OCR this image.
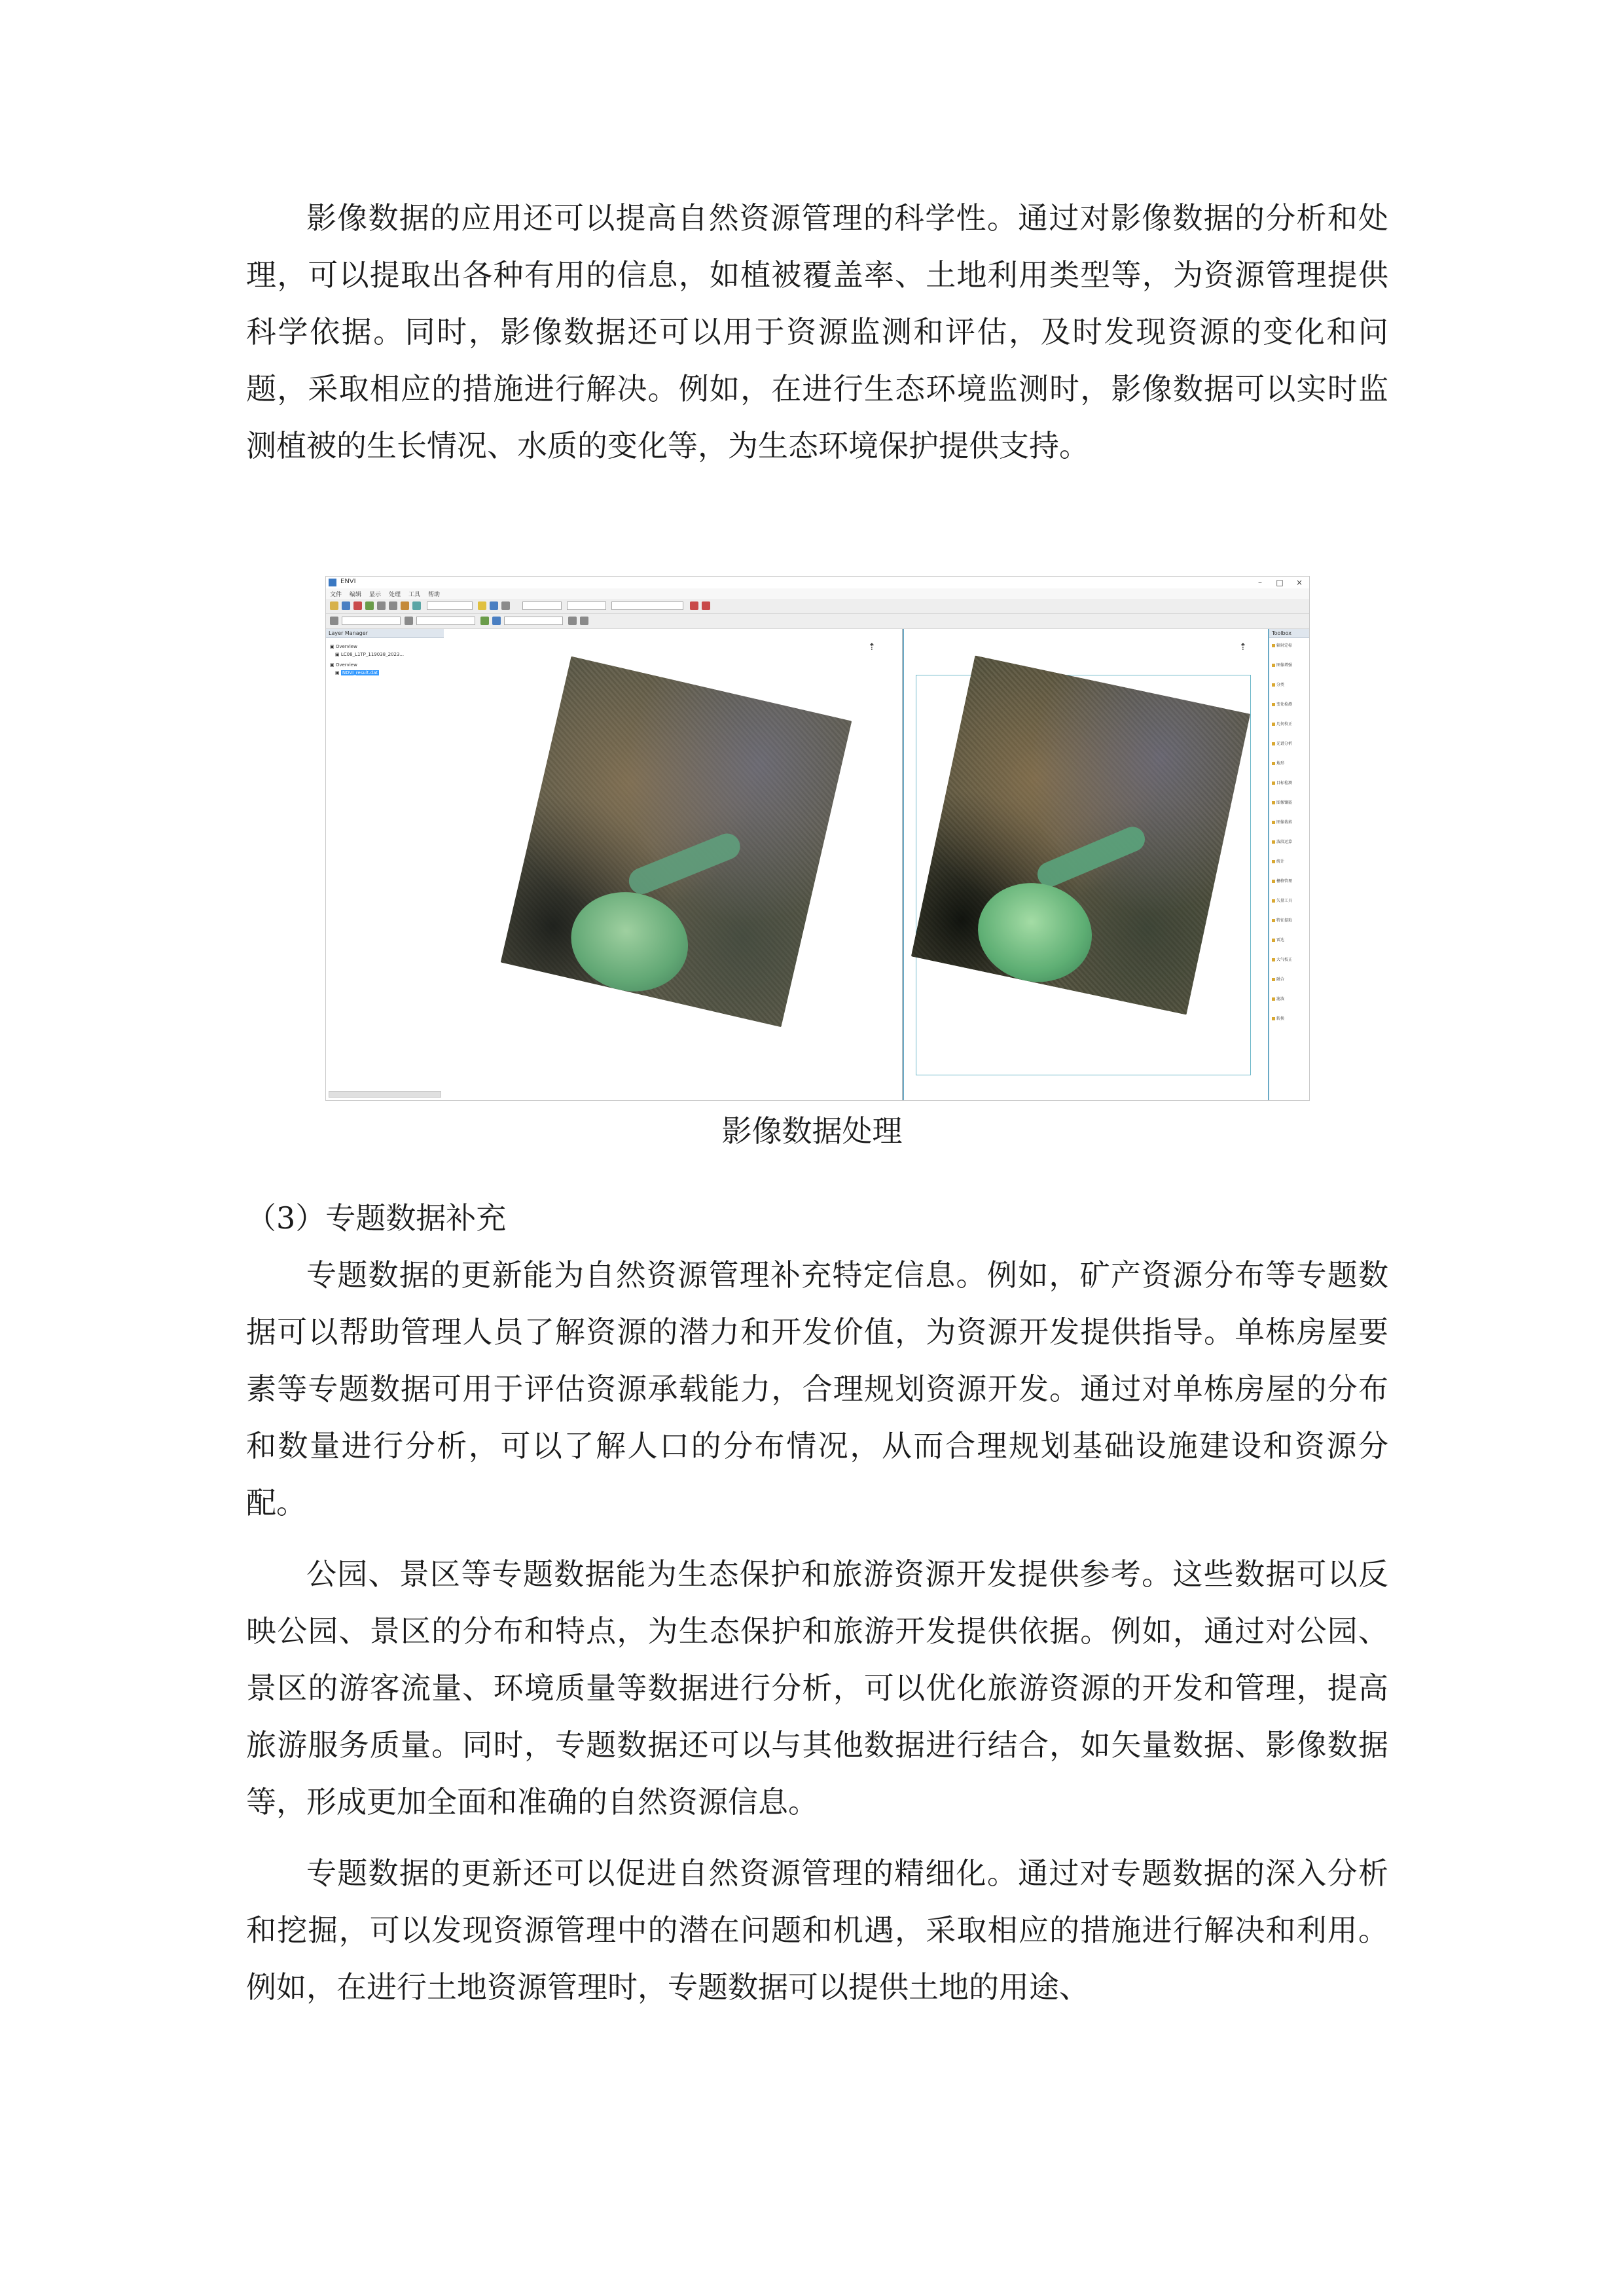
影像数据的应用还可以提高自然资源管理的科学性。通过对影像数据的分析和处理，可以提取出各种有用的信息，如植被覆盖率、土地利用类型等，为资源管理提供科学依据。同时，影像数据还可以用于资源监测和评估，及时发现资源的变化和问题，采取相应的措施进行解决。例如，在进行生态环境监测时，影像数据可以实时监测植被的生长情况、水质的变化等，为生态环境保护提供支持。

ENVI	–	□	×
文件 编辑 显示 处理 工具 帮助
Layer Manager
▣ Overview
▣ LC08_L1TP_119038_2023...
▣ Overview
▣ NDVI_result.dat
⇡	⇡
Toolbox
辐射定标
图像增强
分类
变化检测
几何校正
光谱分析
地形
目标检测
图像镶嵌
图像裁剪
波段运算
统计
栅格管理
矢量工具
特征提取
雷达
大气校正
融合
滤波
转换
影像数据处理
（3）专题数据补充

专题数据的更新能为自然资源管理补充特定信息。例如，矿产资源分布等专题数据可以帮助管理人员了解资源的潜力和开发价值，为资源开发提供指导。单栋房屋要素等专题数据可用于评估资源承载能力，合理规划资源开发。通过对单栋房屋的分布和数量进行分析，可以了解人口的分布情况，从而合理规划基础设施建设和资源分配。

公园、景区等专题数据能为生态保护和旅游资源开发提供参考。这些数据可以反映公园、景区的分布和特点，为生态保护和旅游开发提供依据。例如，通过对公园、景区的游客流量、环境质量等数据进行分析，可以优化旅游资源的开发和管理，提高旅游服务质量。同时，专题数据还可以与其他数据进行结合，如矢量数据、影像数据等，形成更加全面和准确的自然资源信息。

专题数据的更新还可以促进自然资源管理的精细化。通过对专题数据的深入分析和挖掘，可以发现资源管理中的潜在问题和机遇，采取相应的措施进行解决和利用。例如，在进行土地资源管理时，专题数据可以提供土地的用途、
